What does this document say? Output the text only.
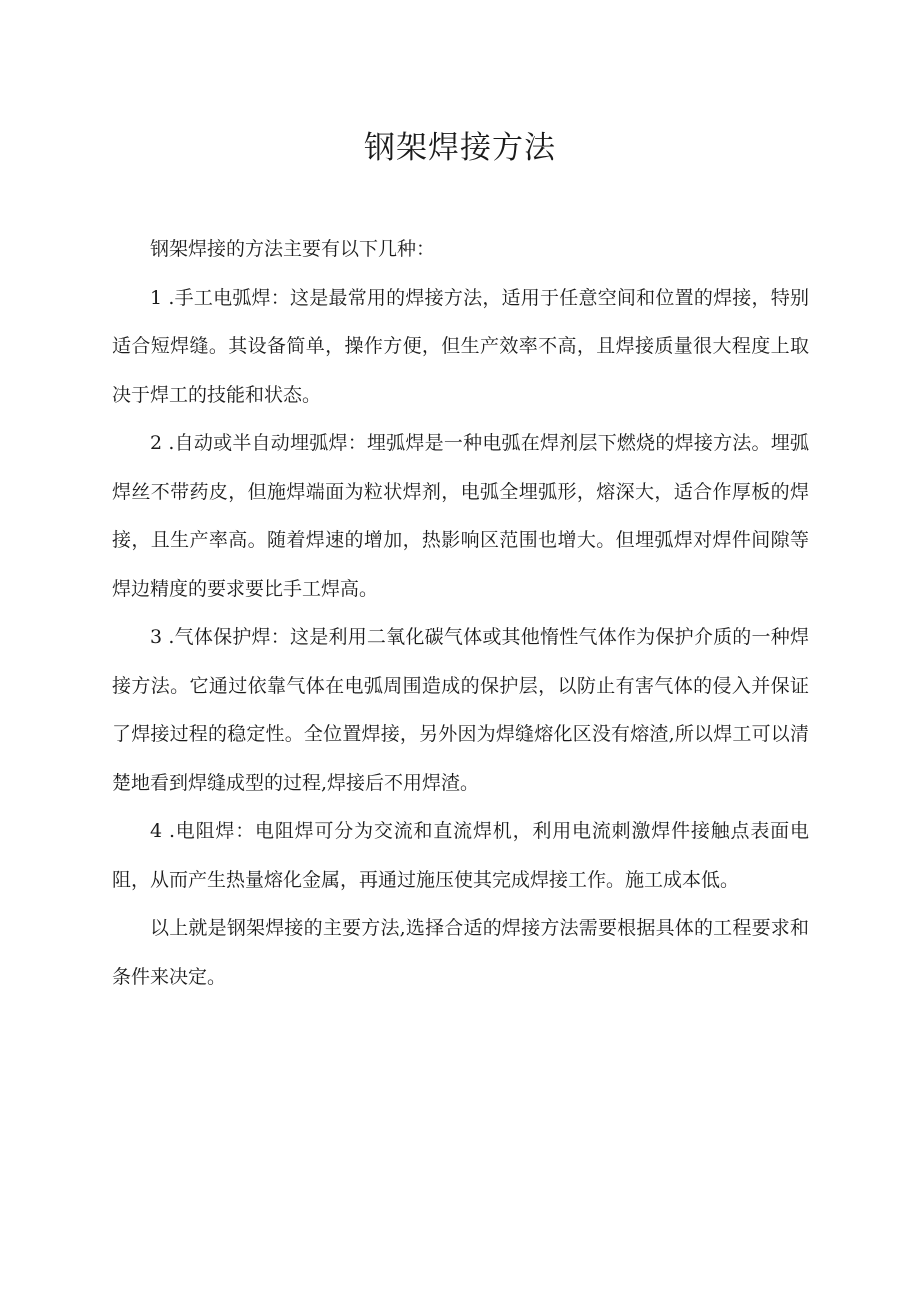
钢架焊接方法

钢架焊接的方法主要有以下几种：

1 .手工电弧焊：这是最常用的焊接方法，适用于任意空间和位置的焊接，特别适合短焊缝。其设备简单，操作方便，但生产效率不高，且焊接质量很大程度上取决于焊工的技能和状态。

2 .自动或半自动埋弧焊：埋弧焊是一种电弧在焊剂层下燃烧的焊接方法。埋弧焊丝不带药皮，但施焊端面为粒状焊剂，电弧全埋弧形，熔深大，适合作厚板的焊接，且生产率高。随着焊速的增加，热影响区范围也增大。但埋弧焊对焊件间隙等焊边精度的要求要比手工焊高。

3 .气体保护焊：这是利用二氧化碳气体或其他惰性气体作为保护介质的一种焊接方法。它通过依靠气体在电弧周围造成的保护层，以防止有害气体的侵入并保证了焊接过程的稳定性。全位置焊接，另外因为焊缝熔化区没有熔渣,所以焊工可以清楚地看到焊缝成型的过程,焊接后不用焊渣。

4 .电阻焊：电阻焊可分为交流和直流焊机，利用电流刺激焊件接触点表面电阻，从而产生热量熔化金属，再通过施压使其完成焊接工作。施工成本低。

以上就是钢架焊接的主要方法,选择合适的焊接方法需要根据具体的工程要求和条件来决定。
